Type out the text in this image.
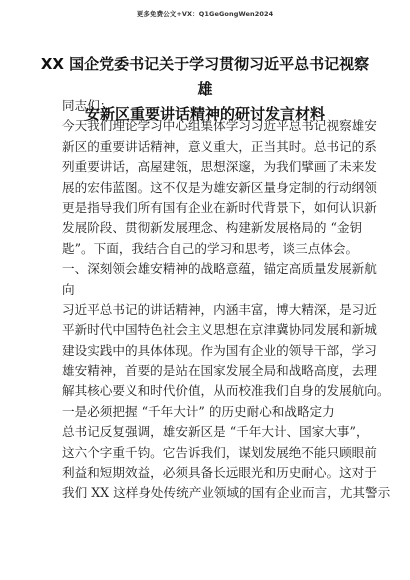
更多免费公文+VX：Q1GeGongWen2024
XX 国企党委书记关于学习贯彻习近平总书记视察雄
安新区重要讲话精神的研讨发言材料
同志们：
今天我们理论学习中心组集体学习习近平总书记视察雄安
新区的重要讲话精神，意义重大，正当其时。总书记的系
列重要讲话，高屋建瓴，思想深邃，为我们擘画了未来发
展的宏伟蓝图。这不仅是为雄安新区量身定制的行动纲领
更是指导我们所有国有企业在新时代背景下，如何认识新
发展阶段、贯彻新发展理念、构建新发展格局的 “金钥
匙”。下面，我结合自己的学习和思考，谈三点体会。
一、深刻领会雄安精神的战略意蕴，锚定高质量发展新航
向
习近平总书记的讲话精神，内涵丰富，博大精深，是习近
平新时代中国特色社会主义思想在京津冀协同发展和新城
建设实践中的具体体现。作为国有企业的领导干部，学习
雄安精神，首要的是站在国家发展全局和战略高度，去理
解其核心要义和时代价值，从而校准我们自身的发展航向。
一是必须把握 “千年大计” 的历史耐心和战略定力
总书记反复强调，雄安新区是 “千年大计、国家大事”，
这六个字重千钧。它告诉我们，谋划发展绝不能只顾眼前
利益和短期效益，必须具备长远眼光和历史耐心。这对于
我们 XX 这样身处传统产业领域的国有企业而言，尤其警示
